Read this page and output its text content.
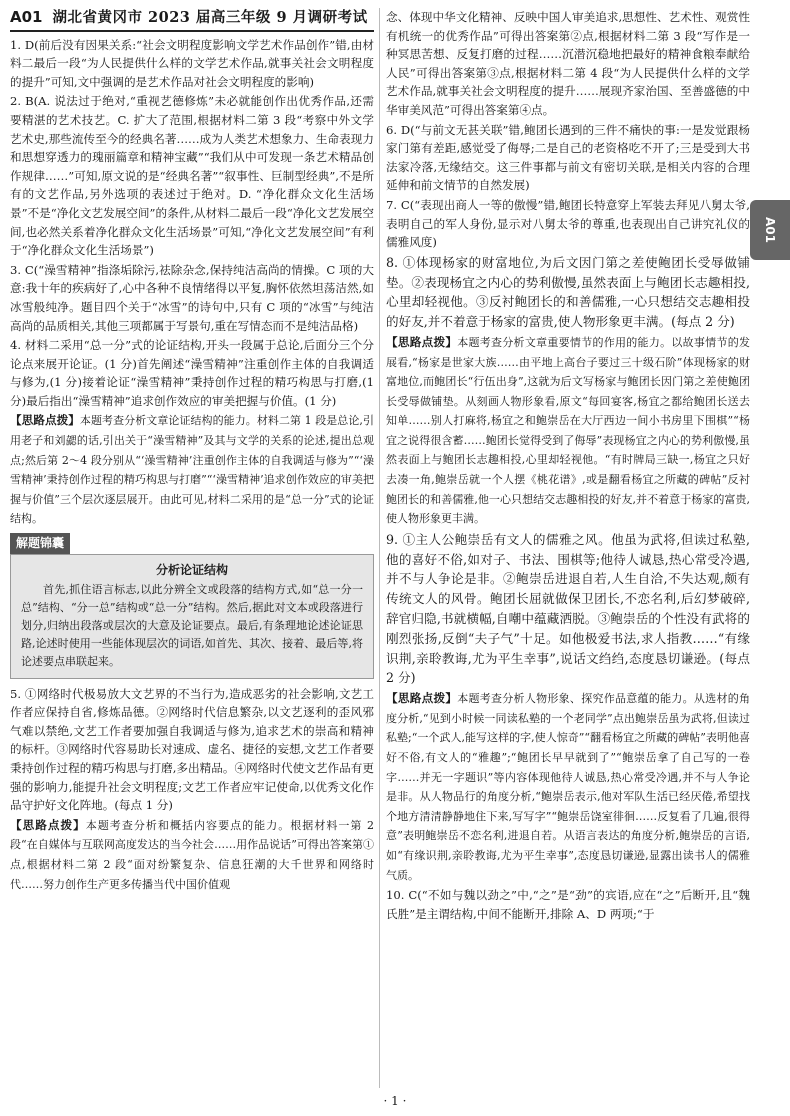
A01 湖北省黄冈市 2023 届高三年级 9 月调研考试

1. D(前后没有因果关系:“社会文明程度影响文学艺术作品创作”错,由材料二最后一段“为人民提供什么样的文学艺术作品,就事关社会文明程度的提升”可知,文中强调的是艺术作品对社会文明程度的影响)

2. B(A. 说法过于绝对,“重视艺德修炼”未必就能创作出优秀作品,还需要精湛的艺术技艺。C. 扩大了范围,根据材料二第 3 段“考察中外文学艺术史,那些流传至今的经典名著……成为人类艺术想象力、生命表现力和思想穿透力的瑰丽篇章和精神宝藏”“我们从中可发现一条艺术精品创作规律……”可知,原文说的是“经典名著”“叙事性、巨制型经典”,不是所有的文艺作品,另外选项的表述过于绝对。D. “净化群众文化生活场景”不是“净化文艺发展空间”的条件,从材料二最后一段“净化文艺发展空间,也必然关系着净化群众文化生活场景”可知,“净化文艺发展空间”有利于“净化群众文化生活场景”)

3. C(“澡雪精神”指涤垢除污,祛除杂念,保持纯洁高尚的情操。C 项的大意:我十年的疾病好了,心中各种不良情绪得以平复,胸怀依然坦荡洁然,如冰雪般纯净。题目四个关于“冰雪”的诗句中,只有 C 项的“冰雪”与纯洁高尚的品质相关,其他三项都属于写景句,重在写情态而不是纯洁品格)

4. 材料二采用“总一分”式的论证结构,开头一段属于总论,后面分三个分论点来展开论证。(1 分)首先阐述“澡雪精神”注重创作主体的自我调适与修为,(1 分)接着论证“澡雪精神”秉持创作过程的精巧构思与打磨,(1 分)最后指出“澡雪精神”追求创作效应的审美把握与价值。(1 分)

【思路点拨】本题考查分析文章论证结构的能力。材料二第 1 段是总论,引用老子和刘勰的话,引出关于“澡雪精神”及其与文学的关系的论述,提出总观点;然后第 2～4 段分别从“‘澡雪精神’注重创作主体的自我调适与修为”“‘澡雪精神’秉持创作过程的精巧构思与打磨”“‘澡雪精神’追求创作效应的审美把握与价值”三个层次逐层展开。由此可见,材料二采用的是“总一分”式的论证结构。

解题锦囊
分析论证结构

首先,抓住语言标志,以此分辨全文或段落的结构方式,如“总一分一总”结构、“分一总”结构或“总一分”结构。然后,据此对文本或段落进行划分,归纳出段落或层次的大意及论证要点。最后,有条理地论述论证思路,论述时使用一些能体现层次的词语,如首先、其次、接着、最后等,将论述要点串联起来。

5. ①网络时代极易放大文艺界的不当行为,造成恶劣的社会影响,文艺工作者应保持自省,修炼品德。②网络时代信息繁杂,以文艺逐利的歪风邪气难以禁绝,文艺工作者要加强自我调适与修为,追求艺术的崇高和精神的标杆。③网络时代容易助长对速成、虚名、捷径的妄想,文艺工作者要秉持创作过程的精巧构思与打磨,多出精品。④网络时代使文艺作品有更强的影响力,能提升社会文明程度;文艺工作者应牢记使命,以优秀文化作品守护好文化阵地。(每点 1 分)

【思路点拨】本题考查分析和概括内容要点的能力。根据材料一第 2 段“在自媒体与互联网高度发达的当今社会……用作品说话”可得出答案第①点,根据材料二第 2 段“面对纷繁复杂、信息狂潮的大千世界和网络时代……努力创作生产更多传播当代中国价值观

念、体现中华文化精神、反映中国人审美追求,思想性、艺术性、观赏性有机统一的优秀作品”可得出答案第②点,根据材料二第 3 段“写作是一种冥思苦想、反复打磨的过程……沉潜沉稳地把最好的精神食粮奉献给人民”可得出答案第③点,根据材料二第 4 段“为人民提供什么样的文学艺术作品,就事关社会文明程度的提升……展现齐家治国、至善盛德的中华审美风范”可得出答案第④点。

6. D(“与前文无甚关联”错,鲍团长遇到的三件不痛快的事:一是发觉跟杨家门第有差距,感觉受了侮辱;二是自己的老资格吃不开了;三是受到大书法家冷落,无缘结交。这三件事都与前文有密切关联,是相关内容的合理延伸和前文情节的自然发展)

7. C(“表现出商人一等的傲慢”错,鲍团长特意穿上军装去拜见八舅太爷,表明自己的军人身份,显示对八舅太爷的尊重,也表现出自己讲究礼仪的儒雅风度)

8. ①体现杨家的财富地位,为后文因门第之差使鲍团长受辱做铺垫。②表现杨宜之内心的势利傲慢,虽然表面上与鲍团长志趣相投,心里却轻视他。③反衬鲍团长的和善儒雅,一心只想结交志趣相投的好友,并不着意于杨家的富贵,使人物形象更丰满。(每点 2 分)

【思路点拨】本题考查分析文章重要情节的作用的能力。以故事情节的发展看,“杨家是世家大族……由平地上高台子要过三十级石阶”体现杨家的财富地位,而鲍团长“行伍出身”,这就为后文写杨家与鲍团长因门第之差使鲍团长受辱做铺垫。从刻画人物形象看,原文“每回宴客,杨宜之都给鲍团长送去知单……别人打麻将,杨宜之和鲍崇岳在大厅西边一间小书房里下围棋”“杨宜之说得很含蓄……鲍团长觉得受到了侮辱”表现杨宜之内心的势利傲慢,虽然表面上与鲍团长志趣相投,心里却轻视他。“有时牌局三缺一,杨宜之只好去凑一角,鲍崇岳就一个人摆《桃花谱》,或是翻看杨宜之所藏的碑帖”反衬鲍团长的和善儒雅,他一心只想结交志趣相投的好友,并不着意于杨家的富贵,使人物形象更丰满。

9. ①主人公鲍崇岳有文人的儒雅之风。他虽为武将,但读过私塾,他的喜好不俗,如对子、书法、围棋等;他待人诚恳,热心常受冷遇,并不与人争论是非。②鲍崇岳进退自若,人生自洽,不失达观,颇有传统文人的风骨。鲍团长屈就做保卫团长,不恋名利,后幻梦破碎,辞官归隐,书就横幅,自嘲中蕴藏洒脱。③鲍崇岳的个性没有武将的刚烈张扬,反倒“夫子气”十足。如他极爱书法,求人指教……“有缘识荆,亲聆教诲,尤为平生幸事”,说话文绉绉,态度恳切谦逊。(每点 2 分)

【思路点拨】本题考查分析人物形象、探究作品意蕴的能力。从选材的角度分析,“见到小时候一同读私塾的一个老同学”点出鲍崇岳虽为武将,但读过私塾;“一个武人,能写这样的字,使人惊奇”“翻看杨宜之所藏的碑帖”表明他喜好不俗,有文人的“雅趣”;“鲍团长早早就到了”“鲍崇岳拿了自己写的一卷字……并无一字题识”等内容体现他待人诚恳,热心常受冷遇,并不与人争论是非。从人物品行的角度分析,“鲍崇岳表示,他对军队生活已经厌倦,希望找个地方清清静静地住下来,写写字”“鲍崇岳饶室徘徊……反复看了几遍,很得意”表明鲍崇岳不恋名利,进退自若。从语言表达的角度分析,鲍崇岳的言语,如“有缘识荆,亲聆教诲,尤为平生幸事”,态度恳切谦逊,显露出读书人的儒雅气质。

10. C(“不如与魏以劲之”中,“之”是“劲”的宾语,应在“之”后断开,且“魏氏胜”是主谓结构,中间不能断开,排除 A、D 两项;“于

A01
· 1 ·
